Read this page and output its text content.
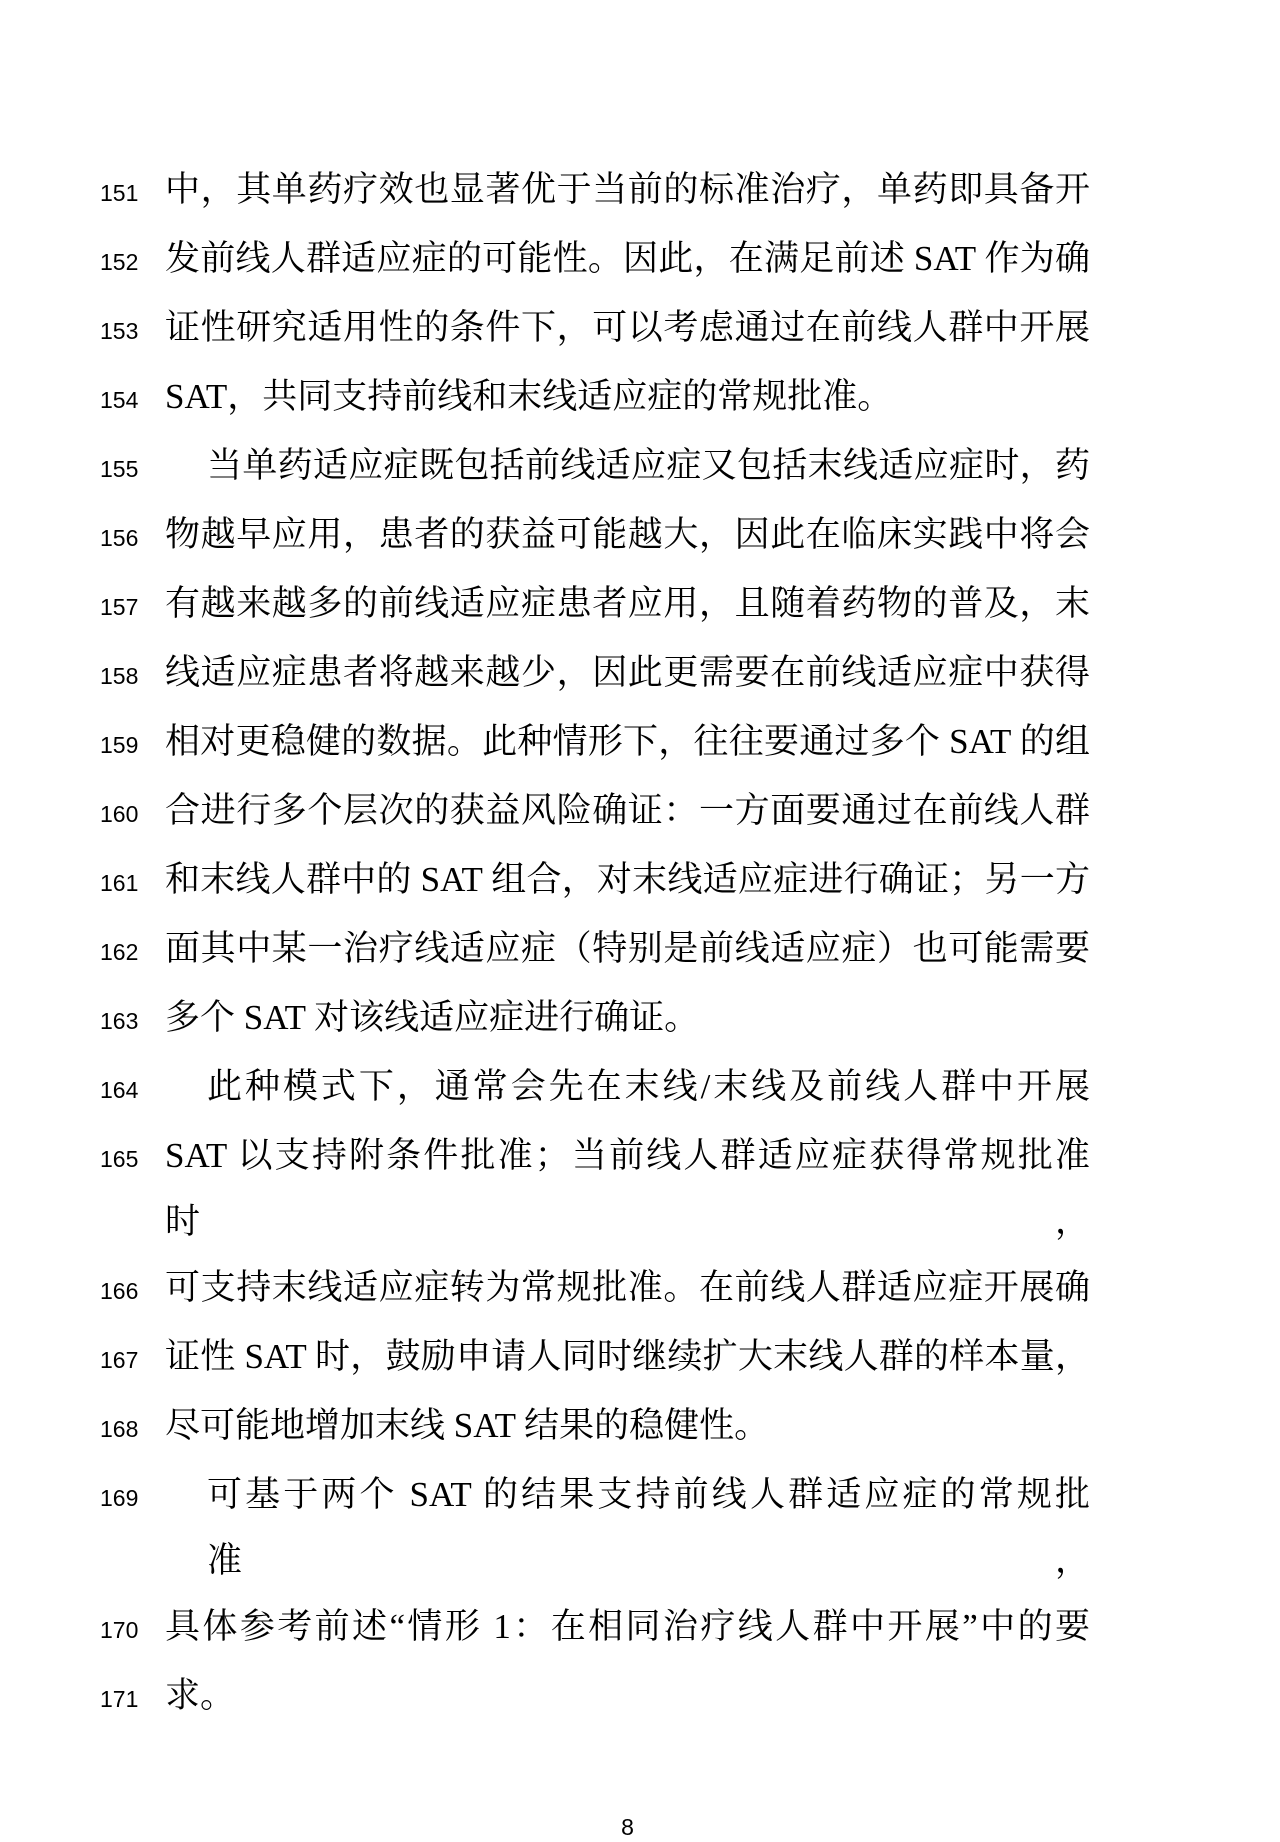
151 中，其单药疗效也显著优于当前的标准治疗，单药即具备开
152 发前线人群适应症的可能性。因此，在满足前述 SAT 作为确
153 证性研究适用性的条件下，可以考虑通过在前线人群中开展
154 SAT，共同支持前线和末线适应症的常规批准。
155	当单药适应症既包括前线适应症又包括末线适应症时，药
156 物越早应用，患者的获益可能越大，因此在临床实践中将会
157 有越来越多的前线适应症患者应用，且随着药物的普及，末
158 线适应症患者将越来越少，因此更需要在前线适应症中获得
159 相对更稳健的数据。此种情形下，往往要通过多个 SAT 的组
160 合进行多个层次的获益风险确证：一方面要通过在前线人群
161 和末线人群中的 SAT 组合，对末线适应症进行确证；另一方
162 面其中某一治疗线适应症（特别是前线适应症）也可能需要
163 多个 SAT 对该线适应症进行确证。
164	此种模式下，通常会先在末线/末线及前线人群中开展
165 SAT 以支持附条件批准；当前线人群适应症获得常规批准时，
166 可支持末线适应症转为常规批准。在前线人群适应症开展确
167 证性 SAT 时，鼓励申请人同时继续扩大末线人群的样本量，
168 尽可能地增加末线 SAT 结果的稳健性。
169	可基于两个 SAT 的结果支持前线人群适应症的常规批准，
170 具体参考前述“情形 1：在相同治疗线人群中开展”中的要
171 求。
8
